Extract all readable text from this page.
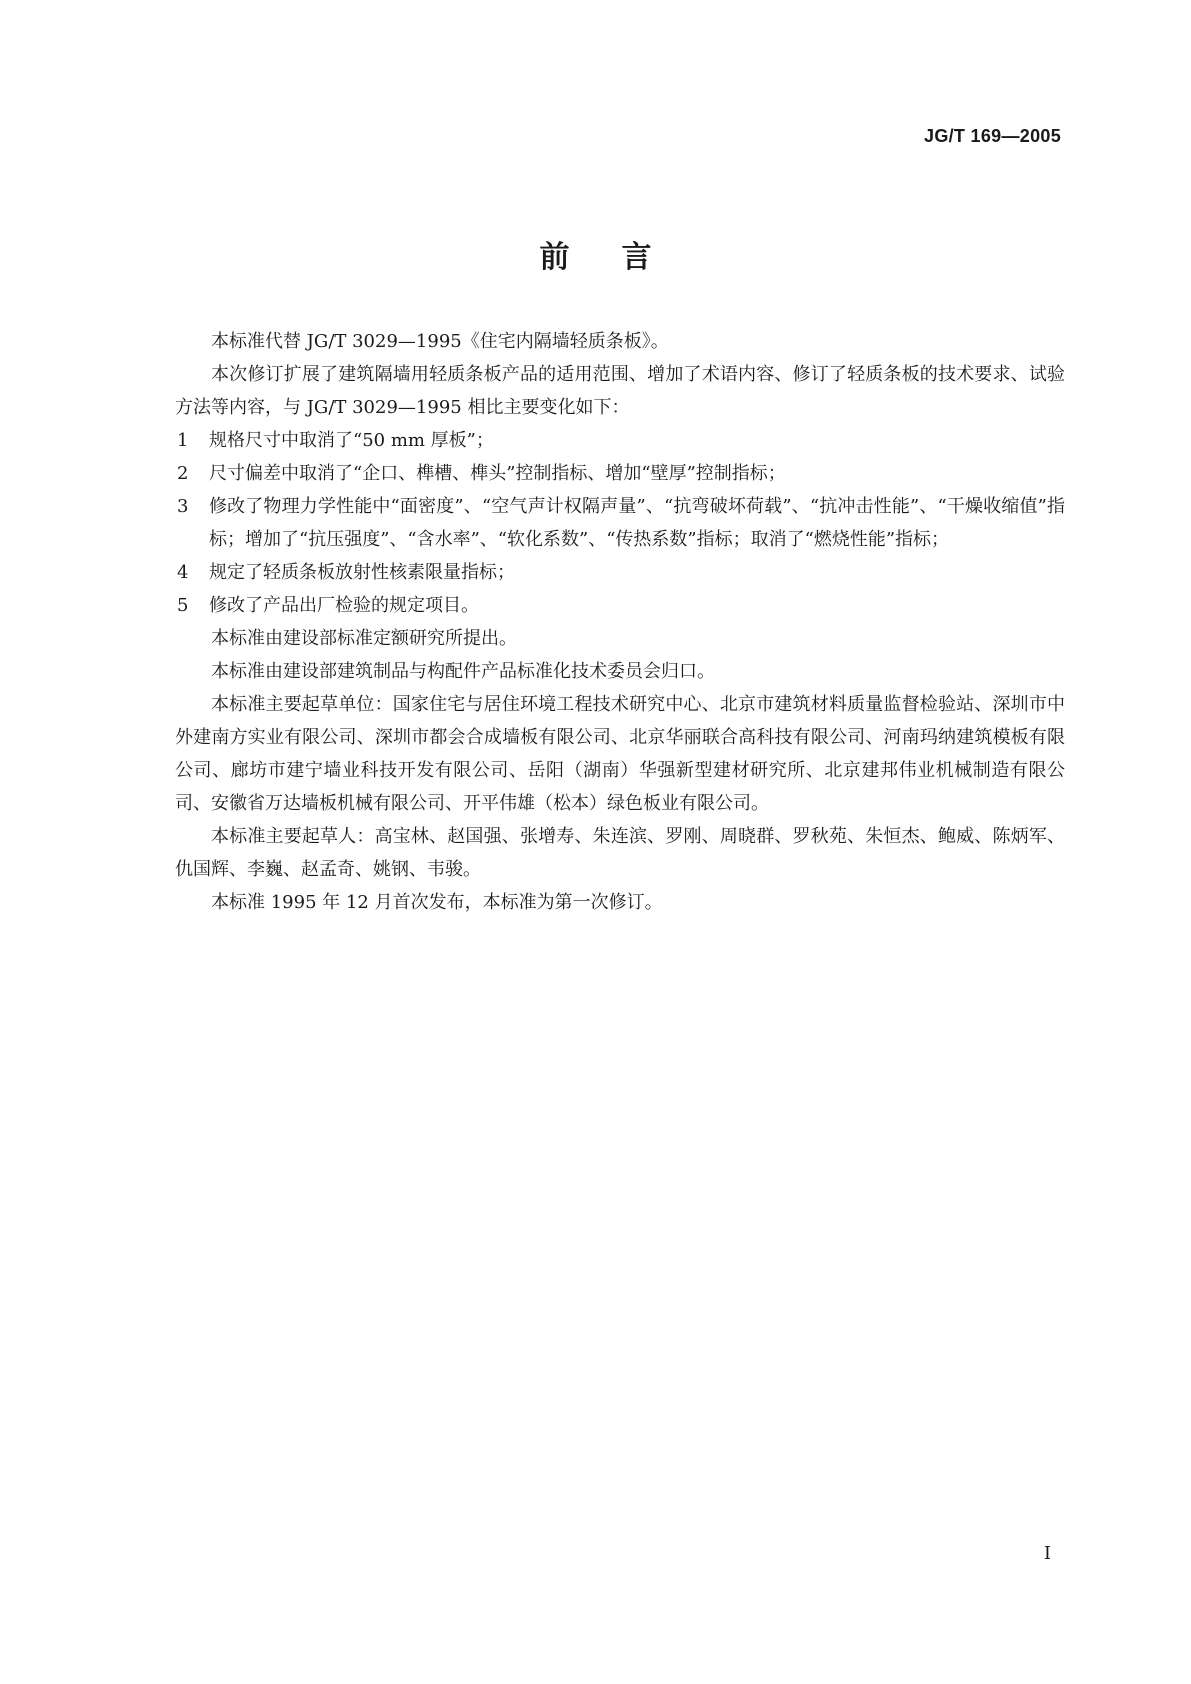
JG/T 169—2005
前言

本标准代替 JG/T 3029—1995《住宅内隔墙轻质条板》。

本次修订扩展了建筑隔墙用轻质条板产品的适用范围、增加了术语内容、修订了轻质条板的技术要求、试验方法等内容，与 JG/T 3029—1995 相比主要变化如下：

1	规格尺寸中取消了“50 mm 厚板”；

2	尺寸偏差中取消了“企口、榫槽、榫头”控制指标、增加“壁厚”控制指标；

3	修改了物理力学性能中“面密度”、“空气声计权隔声量”、“抗弯破坏荷载”、“抗冲击性能”、“干燥收缩值”指标；增加了“抗压强度”、“含水率”、“软化系数”、“传热系数”指标；取消了“燃烧性能”指标；

4	规定了轻质条板放射性核素限量指标；

5	修改了产品出厂检验的规定项目。

本标准由建设部标准定额研究所提出。

本标准由建设部建筑制品与构配件产品标准化技术委员会归口。

本标准主要起草单位：国家住宅与居住环境工程技术研究中心、北京市建筑材料质量监督检验站、深圳市中外建南方实业有限公司、深圳市都会合成墙板有限公司、北京华丽联合高科技有限公司、河南玛纳建筑模板有限公司、廊坊市建宁墙业科技开发有限公司、岳阳（湖南）华强新型建材研究所、北京建邦伟业机械制造有限公司、安徽省万达墙板机械有限公司、开平伟雄（松本）绿色板业有限公司。

本标准主要起草人：高宝林、赵国强、张增寿、朱连滨、罗刚、周晓群、罗秋苑、朱恒杰、鲍威、陈炳军、仇国辉、李巍、赵孟奇、姚钢、韦骏。

本标准 1995 年 12 月首次发布，本标准为第一次修订。

I
